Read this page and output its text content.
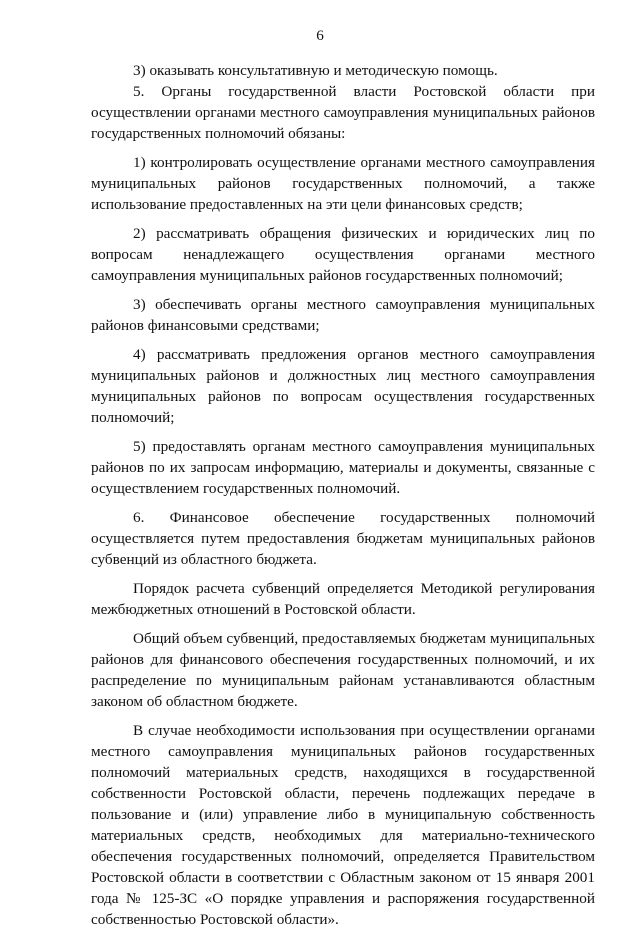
6

3) оказывать консультативную и методическую помощь.

5. Органы государственной власти Ростовской области при осуществлении органами местного самоуправления муниципальных районов государственных полномочий обязаны:

1) контролировать осуществление органами местного самоуправления муниципальных районов государственных полномочий, а также использование предоставленных на эти цели финансовых средств;

2) рассматривать обращения физических и юридических лиц по вопросам ненадлежащего осуществления органами местного самоуправления муниципальных районов государственных полномочий;

3) обеспечивать органы местного самоуправления муниципальных районов финансовыми средствами;

4) рассматривать предложения органов местного самоуправления муниципальных районов и должностных лиц местного самоуправления муниципальных районов по вопросам осуществления государственных полномочий;

5) предоставлять органам местного самоуправления муниципальных районов по их запросам информацию, материалы и документы, связанные с осуществлением государственных полномочий.

6. Финансовое обеспечение государственных полномочий осуществляется путем предоставления бюджетам муниципальных районов субвенций из областного бюджета.

Порядок расчета субвенций определяется Методикой регулирования межбюджетных отношений в Ростовской области.

Общий объем субвенций, предоставляемых бюджетам муниципальных районов для финансового обеспечения государственных полномочий, и их распределение по муниципальным районам устанавливаются областным законом об областном бюджете.

В случае необходимости использования при осуществлении органами местного самоуправления муниципальных районов государственных полномочий материальных средств, находящихся в государственной собственности Ростовской области, перечень подлежащих передаче в пользование и (или) управление либо в муниципальную собственность материальных средств, необходимых для материально-технического обеспечения государственных полномочий, определяется Правительством Ростовской области в соответствии с Областным законом от 15 января 2001 года № 125-ЗС «О порядке управления и распоряжения государственной собственностью Ростовской области».
